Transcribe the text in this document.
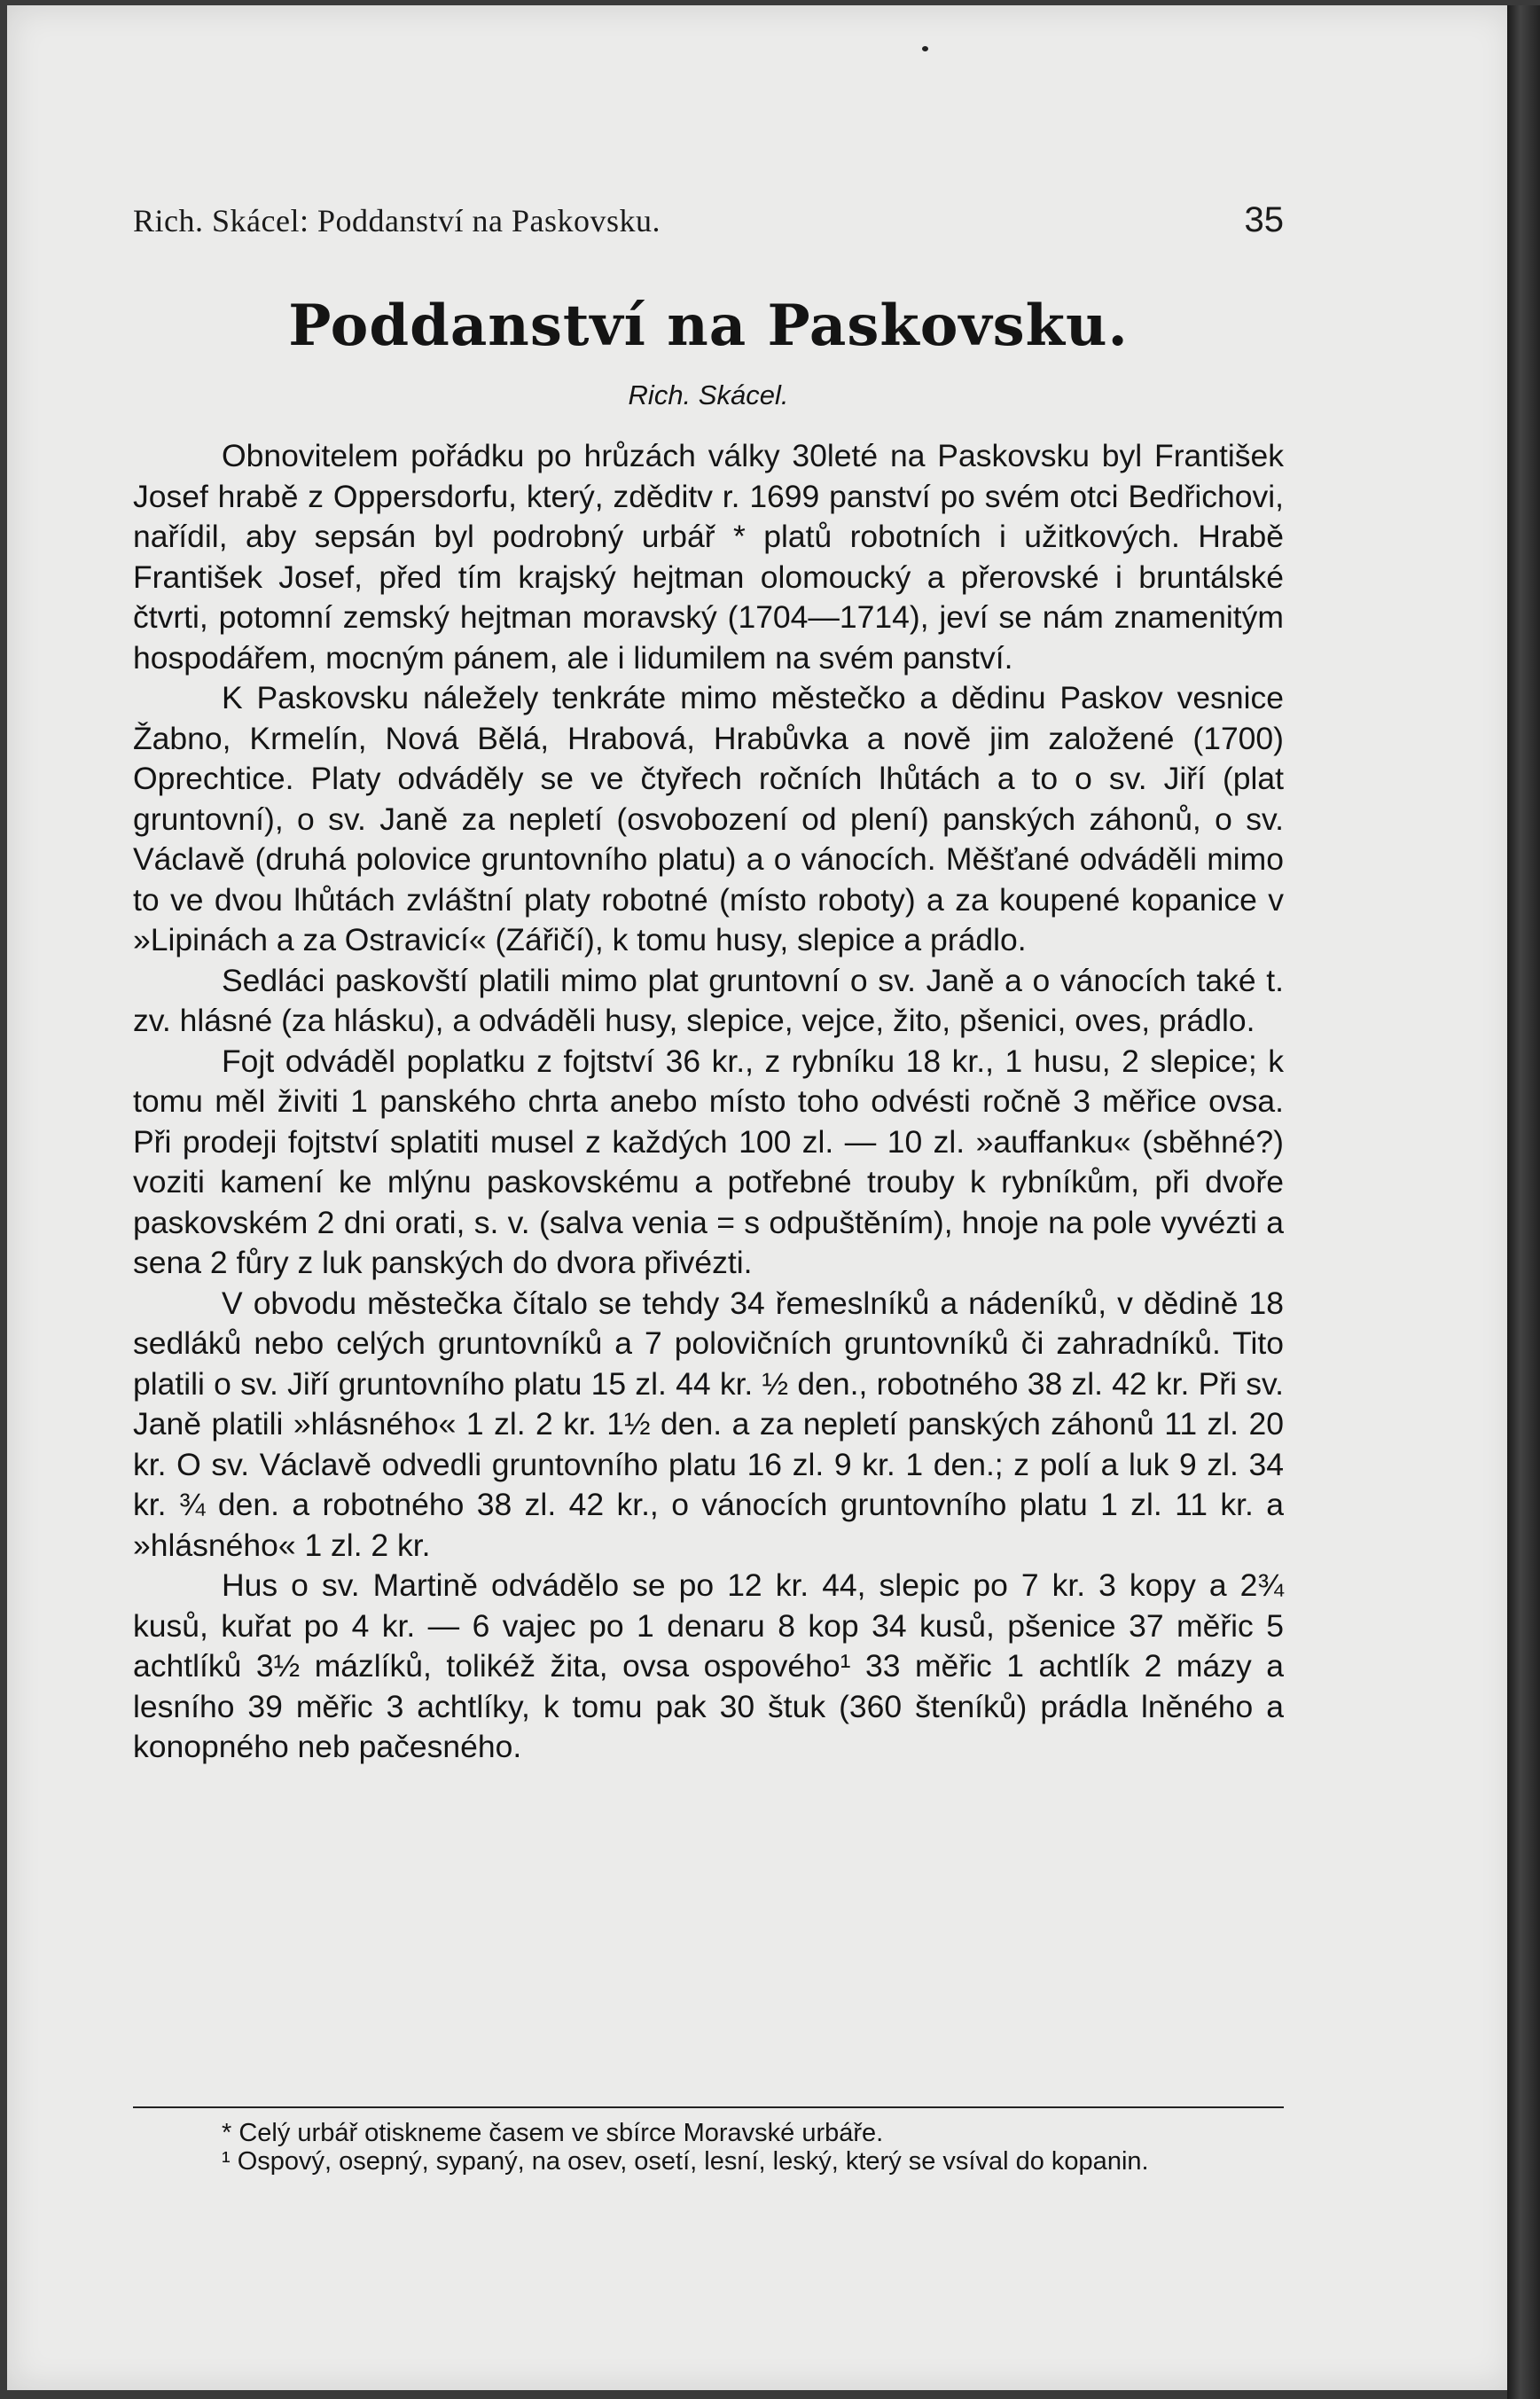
Rich. Skácel: Poddanství na Paskovsku.	35
Poddanství na Paskovsku.
Rich. Skácel.

Obnovitelem pořádku po hrůzách války 30leté na Paskovsku byl František Josef hrabě z Oppersdorfu, který, zděditv r. 1699 panství po svém otci Bedřichovi, nařídil, aby sepsán byl podrobný urbář * platů robotních i užitkových. Hrabě František Josef, před tím krajský hejtman olomoucký a přerovské i bruntálské čtvrti, potomní zemský hejtman moravský (1704—1714), jeví se nám znamenitým hospodářem, mocným pánem, ale i lidumilem na svém panství.

K Paskovsku náležely tenkráte mimo městečko a dědinu Paskov vesnice Žabno, Krmelín, Nová Bělá, Hrabová, Hrabůvka a nově jim založené (1700) Oprechtice. Platy odváděly se ve čtyřech ročních lhůtách a to o sv. Jiří (plat gruntovní), o sv. Janě za nepletí (osvobození od plení) panských záhonů, o sv. Václavě (druhá polovice gruntovního platu) a o vánocích. Měšťané odváděli mimo to ve dvou lhůtách zvláštní platy robotné (místo roboty) a za koupené kopanice v »Lipinách a za Ostravicí« (Zářičí), k tomu husy, slepice a prádlo.

Sedláci paskovští platili mimo plat gruntovní o sv. Janě a o vánocích také t. zv. hlásné (za hlásku), a odváděli husy, slepice, vejce, žito, pšenici, oves, prádlo.

Fojt odváděl poplatku z fojtství 36 kr., z rybníku 18 kr., 1 husu, 2 slepice; k tomu měl živiti 1 panského chrta anebo místo toho odvésti ročně 3 měřice ovsa. Při prodeji fojtství splatiti musel z každých 100 zl. — 10 zl. »auffanku« (sběhné?) voziti kamení ke mlýnu paskovskému a potřebné trouby k rybníkům, při dvoře paskovském 2 dni orati, s. v. (salva venia = s odpuštěním), hnoje na pole vyvézti a sena 2 fůry z luk panských do dvora přivézti.

V obvodu městečka čítalo se tehdy 34 řemeslníků a nádeníků, v dědině 18 sedláků nebo celých gruntovníků a 7 polovičních gruntovníků či zahradníků. Tito platili o sv. Jiří gruntovního platu 15 zl. 44 kr. ½ den., robotného 38 zl. 42 kr. Při sv. Janě platili »hlásného« 1 zl. 2 kr. 1½ den. a za nepletí panských záhonů 11 zl. 20 kr. O sv. Václavě odvedli gruntovního platu 16 zl. 9 kr. 1 den.; z polí a luk 9 zl. 34 kr. ¾ den. a robotného 38 zl. 42 kr., o vánocích gruntovního platu 1 zl. 11 kr. a »hlásného« 1 zl. 2 kr.

Hus o sv. Martině odvádělo se po 12 kr. 44, slepic po 7 kr. 3 kopy a 2¾ kusů, kuřat po 4 kr. — 6 vajec po 1 denaru 8 kop 34 kusů, pšenice 37 měřic 5 achtlíků 3½ mázlíků, tolikéž žita, ovsa ospového¹ 33 měřic 1 achtlík 2 mázy a lesního 39 měřic 3 achtlíky, k tomu pak 30 štuk (360 šteníků) prádla lněného a konopného neb pačesného.

* Celý urbář otiskneme časem ve sbírce Moravské urbáře.

¹ Ospový, osepný, sypaný, na osev, osetí, lesní, leský, který se vsíval do kopanin.
